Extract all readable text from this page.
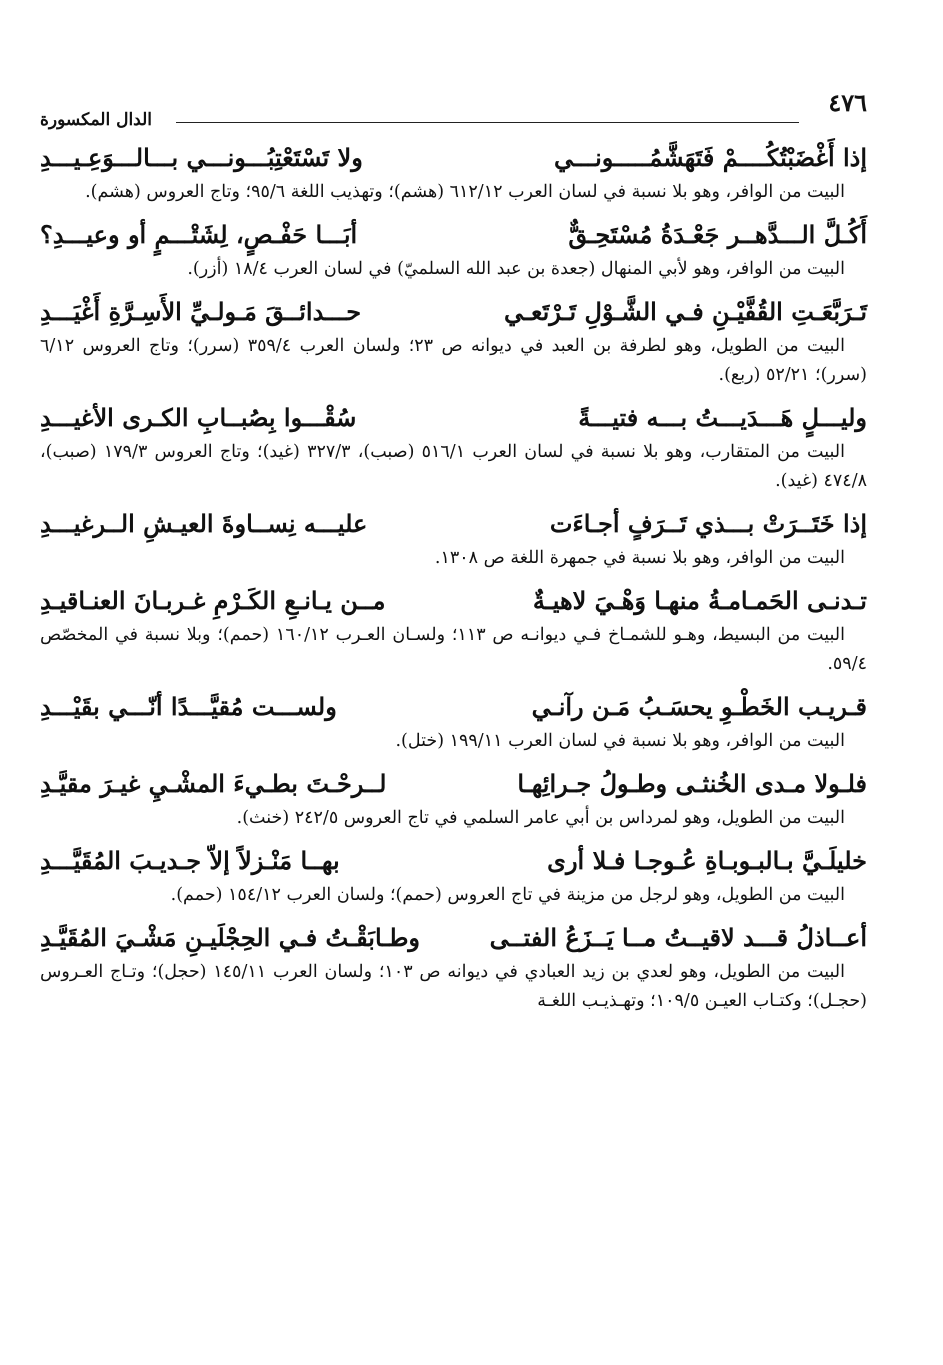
الدال المكسورة
٤٧٦
إذا أَغْضَبْتُكُــــمْ فَتَهَشَّمُـــــونـــي
ولا تَسْتَعْتِبُـــونـــي بـــالـــوَعِـيـــدِ

البيت من الوافر، وهو بلا نسبة في لسان العرب ٦١٢/١٢ (هشم)؛ وتهذيب اللغة ٩٥/٦؛ وتاج العروس (هشم).

أَكُـلَّ الـــدَّهــر جَعْـدَةُ مُسْتَحِـقٌّ
أبَـــا حَفْـصٍ، لِشَتْـــمٍ أو وعيـــدِ؟

البيت من الوافر، وهو لأبي المنهال (جعدة بن عبد الله السلميّ) في لسان العرب ١٨/٤ (أزر).

تَـرَبَّعَـتِ القُفَّيْـنِ فـي الشَّـوْلِ تَـرْتَعـي
حـــدائــقَ مَـولـيِّ الأَسِـرَّةِ أَغْيَـــدِ

البيت من الطويل، وهو لطرفة بن العبد في ديوانه ص ٢٣؛ ولسان العرب ٣٥٩/٤ (سرر)؛ وتاج العروس ٦/١٢ (سرر)؛ ٥٢/٢١ (ربع).

وليـــلٍ هَـــدَيـــتُ بـــه فتيـــةً
سُقْـــوا بِصُبــابِ الكـرى الأغيـــدِ

البيت من المتقارب، وهو بلا نسبة في لسان العرب ٥١٦/١ (صبب)، ٣٢٧/٣ (غيد)؛ وتاج العروس ١٧٩/٣ (صبب)، ٤٧٤/٨ (غيد).

إذا خَتَــرَتْ بـــذي تَــرَفٍ أجـاءَت
عليـــه نِســاوةَ العيـشِ الــرغيـــدِ

البيت من الوافر، وهو بلا نسبة في جمهرة اللغة ص ١٣٠٨.

تـدنـى الحَمـامـةُ منهـا وَهْـيَ لاهيـةٌ
مــن يـانـعِ الكَـرْمِ غـربـانَ العنـاقيـدِ

البيت من البسيط، وهـو للشمـاخ فـي ديوانـه ص ١١٣؛ ولسـان العـرب ١٦٠/١٢ (حمم)؛ وبلا نسبة في المخصّص ٥٩/٤.

قـريـب الخَطْـوِ يحسَـبُ مَـن رآنـي
ولســـت مُقيَّـــدًا أنّـــي بقَيْـــدِ

البيت من الوافر، وهو بلا نسبة في لسان العرب ١٩٩/١١ (ختل).

فلـولا مـدى الخُنثـى وطـولُ جـرائِهـا
لــرحْـتَ بطـيءَ المشْـيِ غيـرَ مقيَّـدِ

البيت من الطويل، وهو لمرداس بن أبي عامر السلمي في تاج العروس ٢٤٢/٥ (خنث).

خليلَـيَّ بـالبـوبـاةِ عُـوجـا فـلا أرى
بهــا مَنْـزلاً إلاّ جـديـبَ المُقَيَّـــدِ

البيت من الطويل، وهو لرجل من مزينة في تاج العروس (حمم)؛ ولسان العرب ١٥٤/١٢ (حمم).

أعــاذلُ قـــد لاقيــتُ مــا يَــزَعُ الفتــى
وطـابَقْـتُ فـي الحِجْلَيـنِ مَشْـيَ المُقَيَّـدِ

البيت من الطويل، وهو لعدي بن زيد العبادي في ديوانه ص ١٠٣؛ ولسان العرب ١٤٥/١١ (حجل)؛ وتـاج العـروس (حجـل)؛ وكتـاب العيـن ١٠٩/٥؛ وتهـذيـب اللغـة
